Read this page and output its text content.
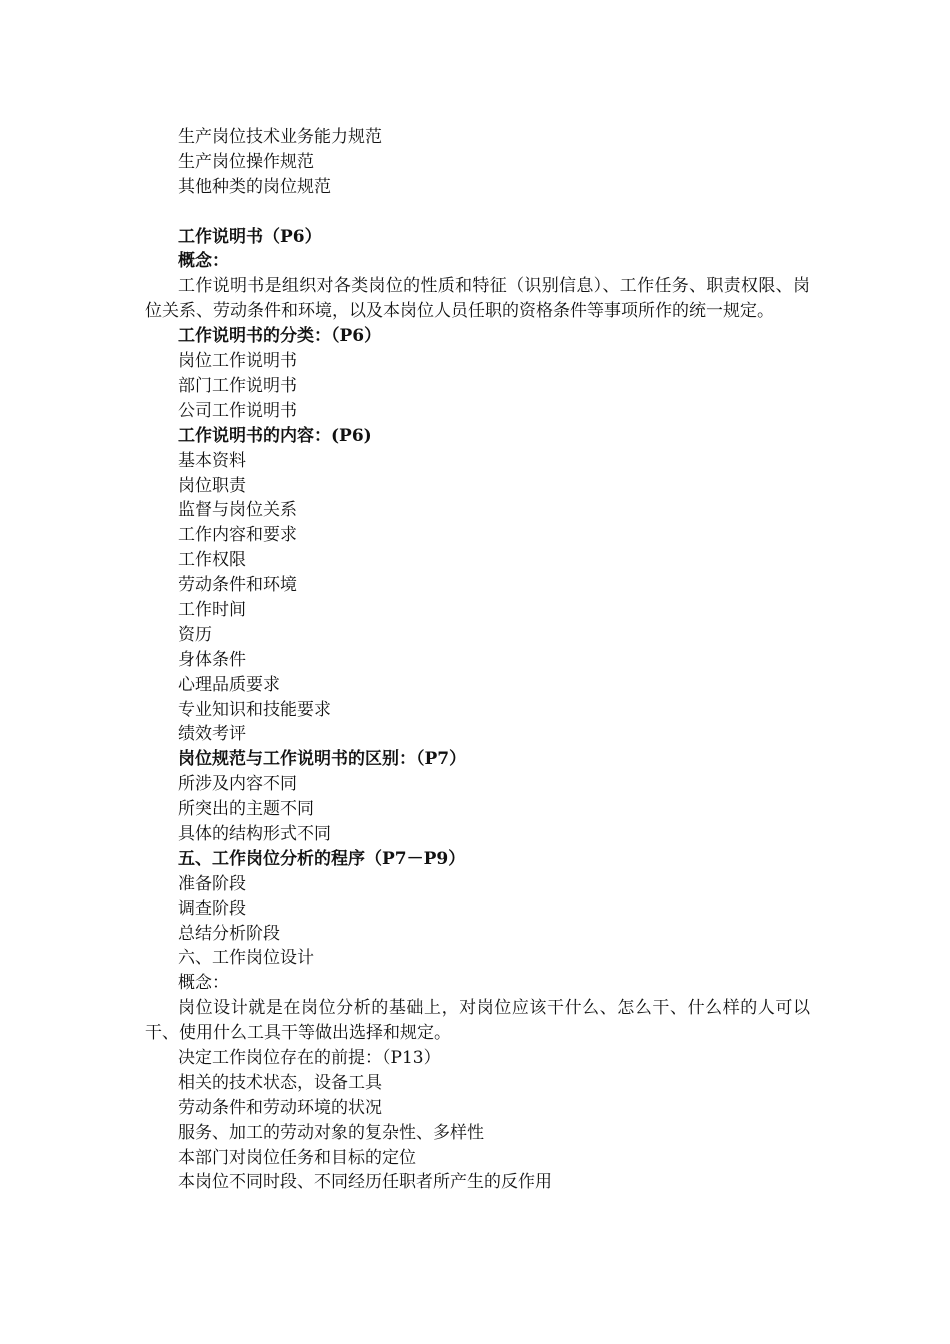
生产岗位技术业务能力规范
生产岗位操作规范
其他种类的岗位规范
工作说明书（P6）
概念：
工作说明书是组织对各类岗位的性质和特征（识别信息）、工作任务、职责权限、岗位关系、劳动条件和环境，以及本岗位人员任职的资格条件等事项所作的统一规定。
工作说明书的分类：（P6）
岗位工作说明书
部门工作说明书
公司工作说明书
工作说明书的内容：(P6)
基本资料
岗位职责
监督与岗位关系
工作内容和要求
工作权限
劳动条件和环境
工作时间
资历
身体条件
心理品质要求
专业知识和技能要求
绩效考评
岗位规范与工作说明书的区别：（P7）
所涉及内容不同
所突出的主题不同
具体的结构形式不同
五、工作岗位分析的程序（P7－P9）
准备阶段
调查阶段
总结分析阶段
六、工作岗位设计
概念：
岗位设计就是在岗位分析的基础上，对岗位应该干什么、怎么干、什么样的人可以干、使用什么工具干等做出选择和规定。
决定工作岗位存在的前提：（P13）
相关的技术状态，设备工具
劳动条件和劳动环境的状况
服务、加工的劳动对象的复杂性、多样性
本部门对岗位任务和目标的定位
本岗位不同时段、不同经历任职者所产生的反作用
